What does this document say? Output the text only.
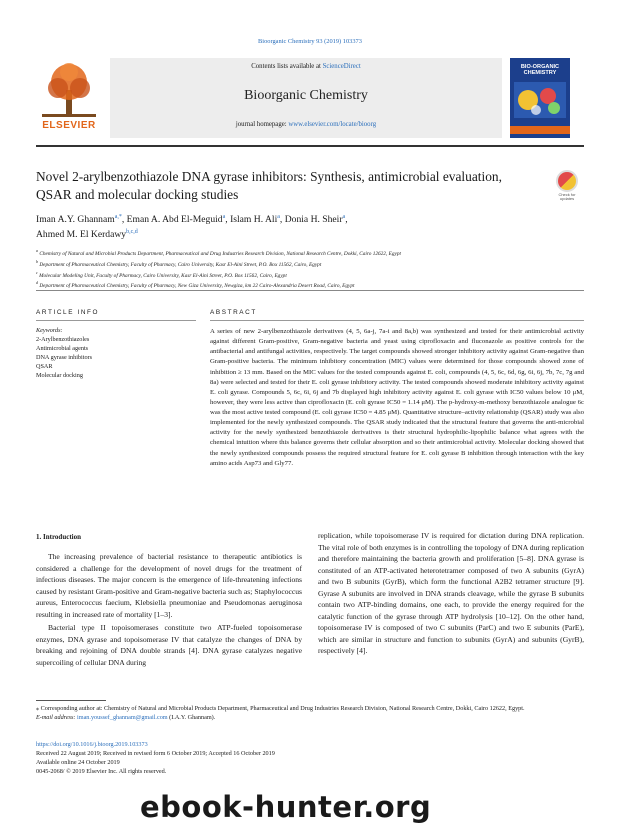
Bioorganic Chemistry 93 (2019) 103373
ELSEVIER
Contents lists available at ScienceDirect
Bioorganic Chemistry
journal homepage: www.elsevier.com/locate/bioorg
BIO-ORGANIC CHEMISTRY
Novel 2-arylbenzothiazole DNA gyrase inhibitors: Synthesis, antimicrobial evaluation, QSAR and molecular docking studies	Check for updates
Iman A.Y. Ghannam$^{a,*}$, Eman A. Abd El-Meguid$^a$, Islam H. Ali$^a$, Donia H. Sheir$^a$,
Ahmed M. El Kerdawy$^{b,c,d}$
$^a$ Chemistry of Natural and Microbial Products Department, Pharmaceutical and Drug Industries Research Division, National Research Centre, Dokki, Cairo 12622, Egypt
$^b$ Department of Pharmaceutical Chemistry, Faculty of Pharmacy, Cairo University, Kasr El-Aini Street, P.O. Box 11562, Cairo, Egypt
$^c$ Molecular Modeling Unit, Faculty of Pharmacy, Cairo University, Kasr El-Aini Street, P.O. Box 11562, Cairo, Egypt
$^d$ Department of Pharmaceutical Chemistry, Faculty of Pharmacy, New Giza University, Newgiza, km 22 Cairo-Alexandria Desert Road, Cairo, Egypt
ARTICLE INFO	ABSTRACT
Keywords:
2-Arylbenzothiazoles
Antimicrobial agents
DNA gyrase inhibitors
QSAR
Molecular docking
A series of new 2-arylbenzothiazole derivatives (4, 5, 6a-j, 7a-i and 8a,b) was synthesized and tested for their antimicrobial activity against different Gram-positive, Gram-negative bacteria and yeast using ciprofloxacin and fluconazole as positive controls for the antibacterial and antifungal activities, respectively. The target compounds showed stronger inhibitory activity against Gram-negative than Gram-positive bacteria. The minimum inhibitory concentration (MIC) values were determined for those compounds showed zone of inhibition ≥ 13 mm. Based on the MIC values for the tested compounds against E. coli, compounds (4, 5, 6c, 6d, 6g, 6i, 6j, 7b, 7c, 7g and 8a) were selected and tested for their E. coli gyrase inhibitory activity. The tested compounds showed moderate inhibitory activity against E. coli gyrase. Compounds 5, 6c, 6i, 6j and 7b displayed high inhibitory activity against E. coli gyrase with IC50 values below 10 μM, however, they were less active than ciprofloxacin (E. coli gyrase IC50 = 1.14 μM). The p-hydroxy-m-methoxy benzothiazole analogue 6c was the most active tested compound (E. coli gyrase IC50 = 4.85 μM). Quantitative structure–activity relationship (QSAR) study was also implemented for the newly synthesized compounds. The QSAR study indicated that the structural feature that governs the anti-microbial activity for the newly synthesized benzothiazole derivatives is their structural hydrophilic-lipophilic balance what agrees with the chemical intuition where this balance governs their cellular absorption and so their antimicrobial activity. Molecular docking showed that the newly synthesized compounds possess the required structural feature for E. coli gyrase B inhibition through interaction with the key amino acids Asp73 and Gly77.
1. Introduction

The increasing prevalence of bacterial resistance to therapeutic antibiotics is considered a challenge for the development of novel drugs for the treatment of infectious diseases. The major concern is the emergence of life-threatening infections caused by resistant Gram-positive and Gram-negative bacteria such as; Staphylococcus aureus, Enterococcus faecium, Klebsiella pneumoniae and Pseudomonas aeruginosa resulting in increased rate of mortality [1–3].

Bacterial type II topoisomerases constitute two ATP-fueled topoisomerase enzymes, DNA gyrase and topoisomerase IV that catalyze the changes of DNA by breaking and rejoining of DNA double strands [4]. DNA gyrase catalyzes negative supercoiling of cellular DNA during

replication, while topoisomerase IV is required for dictation during DNA replication. The vital role of both enzymes is in controlling the topology of DNA during replication and therefore maintaining the bacteria growth and proliferation [5–8]. DNA gyrase is constituted of an ATP-activated heterotetramer composed of two A subunits (GyrA) and two B subunits (GyrB), which form the functional A2B2 tetramer structure [9]. Gyrase A subunits are involved in DNA strands cleavage, while the gyrase B subunits contain two ATP-binding domains, one each, to provide the energy required for the catalytic function of the gyrase through ATP hydrolysis [10–12]. On the other hand, topoisomerase IV is composed of two C subunits (ParC) and two E subunits (ParE), which are similar in structure and function to subunits (GyrA) and subunits (GyrB), respectively [4].

⁎ Corresponding author at: Chemistry of Natural and Microbial Products Department, Pharmaceutical and Drug Industries Research Division, National Research Centre, Dokki, Cairo 12622, Egypt.
E-mail address: iman.youssef_ghannam@gmail.com (I.A.Y. Ghannam).
https://doi.org/10.1016/j.bioorg.2019.103373
Received 22 August 2019; Received in revised form 6 October 2019; Accepted 16 October 2019
Available online 24 October 2019
0045-2068/ © 2019 Elsevier Inc. All rights reserved.
ebook-hunter.org
